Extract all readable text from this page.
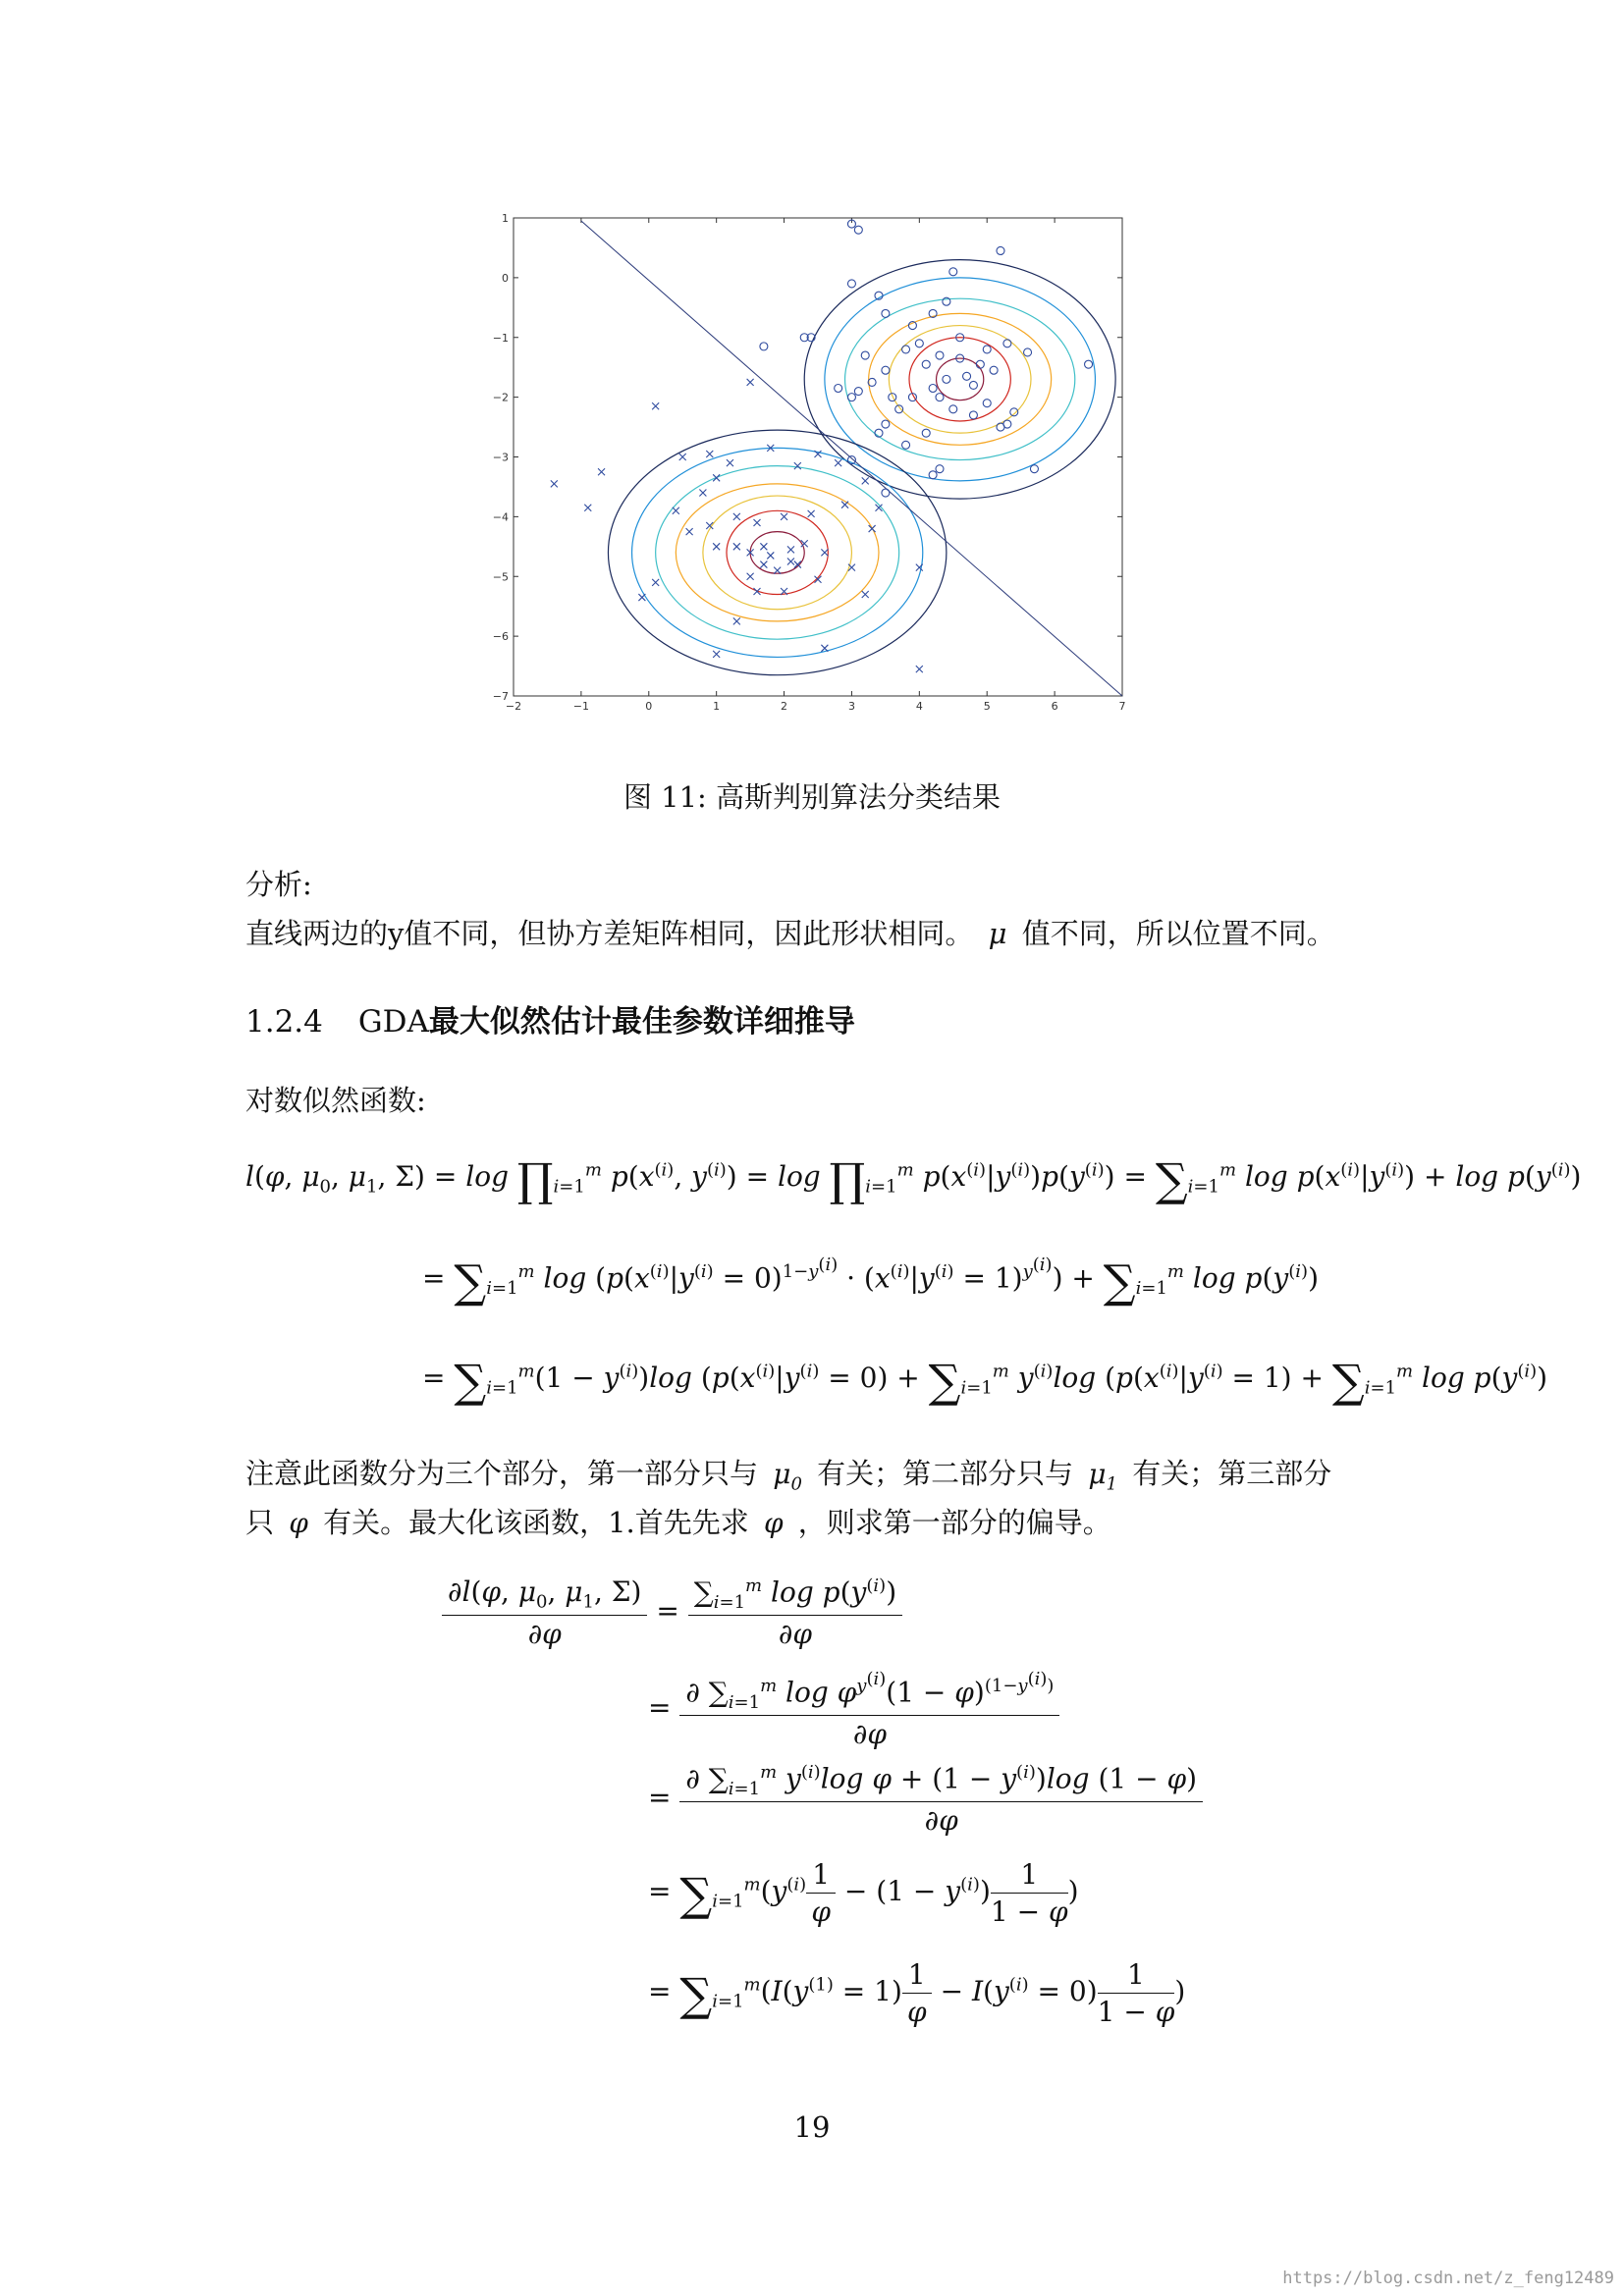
−2	−1	0	1	2	3	4	5	6	7
1
0
−1
−2
−3
−4
−5
−6
−7
图 11: 高斯判别算法分类结果
分析:
直线两边的y值不同，但协方差矩阵相同，因此形状相同。 μ 值不同，所以位置不同。
1.2.4 GDA最大似然估计最佳参数详细推导
对数似然函数:
l(φ, $\mu_0$, $\mu_1$, $\Sigma) = \log \prod_{i=1}^m$ $p(x^{(i)}$, $y^{(i)}) = \log$ $\prod_{i=1}^m$ $p(x^{(i)}|y^{(i)})p(y^{(i)}) = \sum_{i=1}^m$ $\log p(x^{(i)}|y^{(i)}) + \log p(y^{(i)})$
= $\sum_{i=1}^m$ $\log (p(x^{(i)}|y^{(i)} = 0)^{1-y^{(i)}} \cdot (x^{(i)}|y^{(i)} = 1)^{y^{(i)}}) + \sum_{i=1}^m$ $\log p(y^{(i)})$
= $\sum_{i=1}^m(1 - y^{(i)})\log$ ($p(x^{(i)}|y^{(i)} = 0) + \sum_{i=1}^m$ $y^{(i)}\log$ ($p(x^{(i)}|y^{(i)} = 1) + \sum_{i=1}^m$ $\log p(y^{(i)})$
注意此函数分为三个部分，第一部分只与 $\mu_0$ 有关；第二部分只与 $\mu_1$ 有关；第三部分
只 φ 有关。最大化该函数，1.首先先求 φ ，则求第一部分的偏导。
$\frac{\partial l(\varphi, \mu_0, \mu_1, \Sigma)}{\partial\varphi} = \frac{\sum_{i=1}^m \log p(y^{(i)})}{\partial\varphi}$
= $\frac{\partial \sum_{i=1}^m \log \varphi^{y^{(i)}}(1 - \varphi)^{(1-y^{(i)})}}{\partial\varphi}$
= $\frac{\partial \sum_{i=1}^m y^{(i)}\log \varphi + (1 - y^{(i)})\log (1 - \varphi)}{\partial\varphi}$
= $\sum_{i=1}^m(y^{(i)} \frac{1}{\varphi} - (1 - y^{(i)}) \frac{1}{1 - \varphi}$ )
= $\sum_{i=1}^m(I(y^{(1)} = 1) \frac{1}{\varphi} - I(y^{(i)} = 0) \frac{1}{1 - \varphi}$ )
19
https://blog.csdn.net/z_feng12489
